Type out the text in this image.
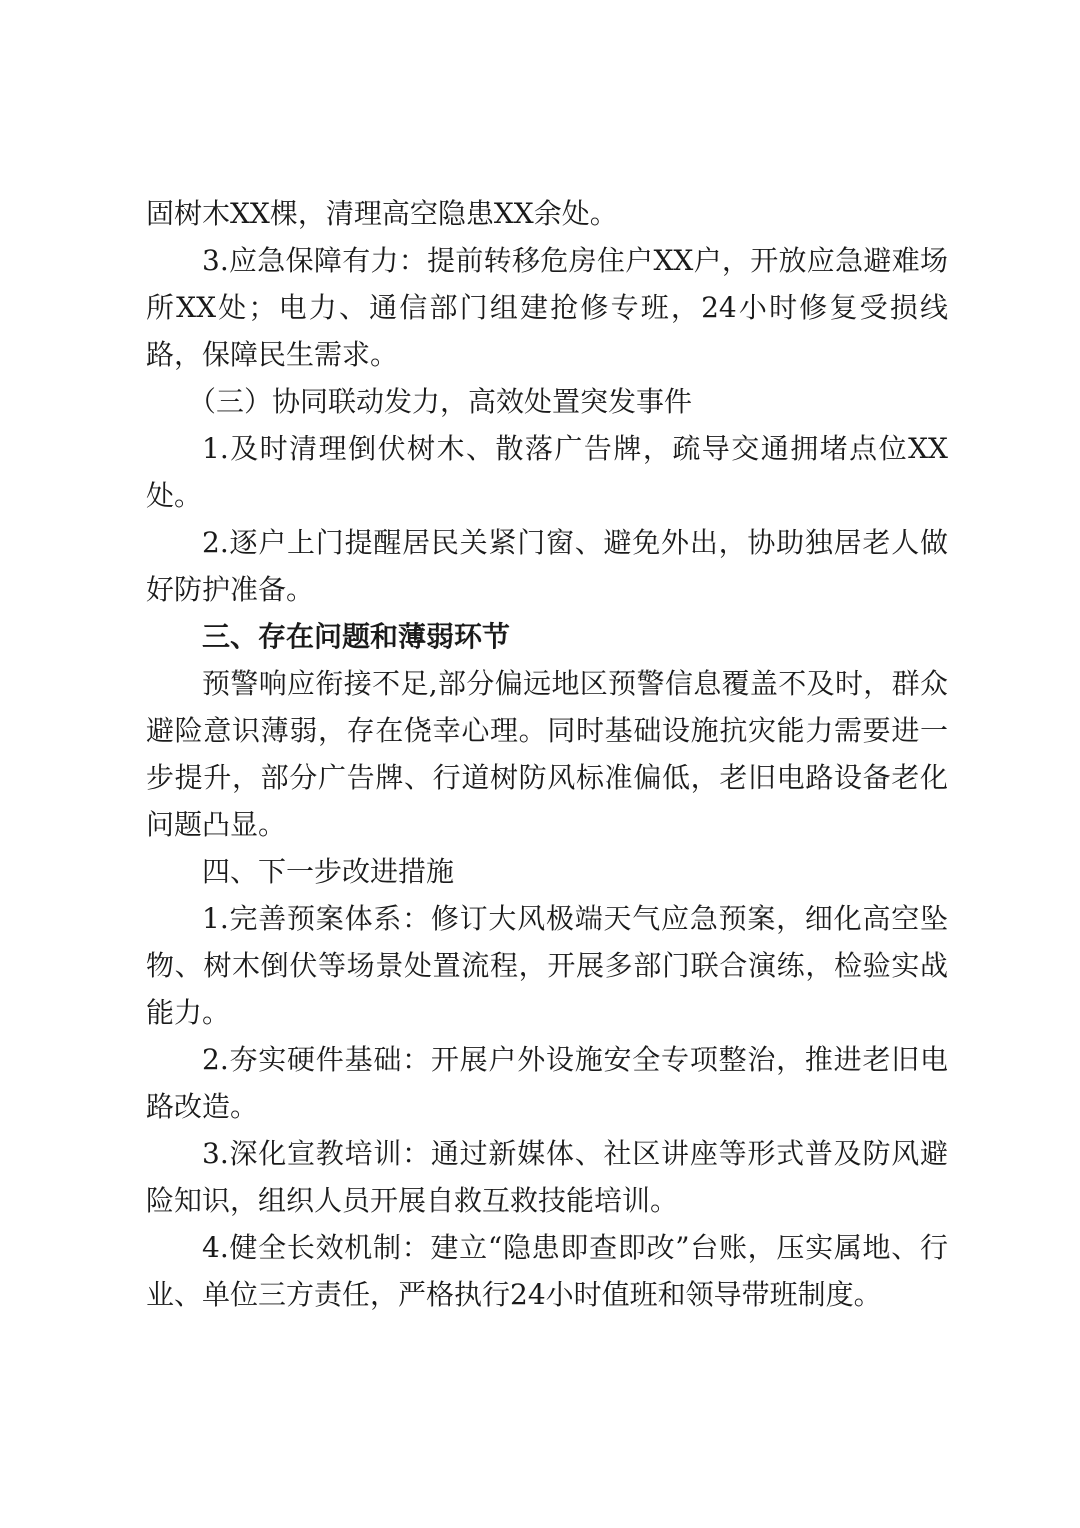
固树木XX棵，清理高空隐患XX余处。

3.应急保障有力：提前转移危房住户XX户，开放应急避难场所XX处；电力、通信部门组建抢修专班，24小时修复受损线路，保障民生需求。

（三）协同联动发力，高效处置突发事件

1.及时清理倒伏树木、散落广告牌，疏导交通拥堵点位XX处。

2.逐户上门提醒居民关紧门窗、避免外出，协助独居老人做好防护准备。

三、存在问题和薄弱环节

预警响应衔接不足,部分偏远地区预警信息覆盖不及时，群众避险意识薄弱，存在侥幸心理。同时基础设施抗灾能力需要进一步提升，部分广告牌、行道树防风标准偏低，老旧电路设备老化问题凸显。

四、下一步改进措施

1.完善预案体系：修订大风极端天气应急预案，细化高空坠物、树木倒伏等场景处置流程，开展多部门联合演练，检验实战能力。

2.夯实硬件基础：开展户外设施安全专项整治，推进老旧电路改造。

3.深化宣教培训：通过新媒体、社区讲座等形式普及防风避险知识，组织人员开展自救互救技能培训。

4.健全长效机制：建立“隐患即查即改”台账，压实属地、行业、单位三方责任，严格执行24小时值班和领导带班制度。
